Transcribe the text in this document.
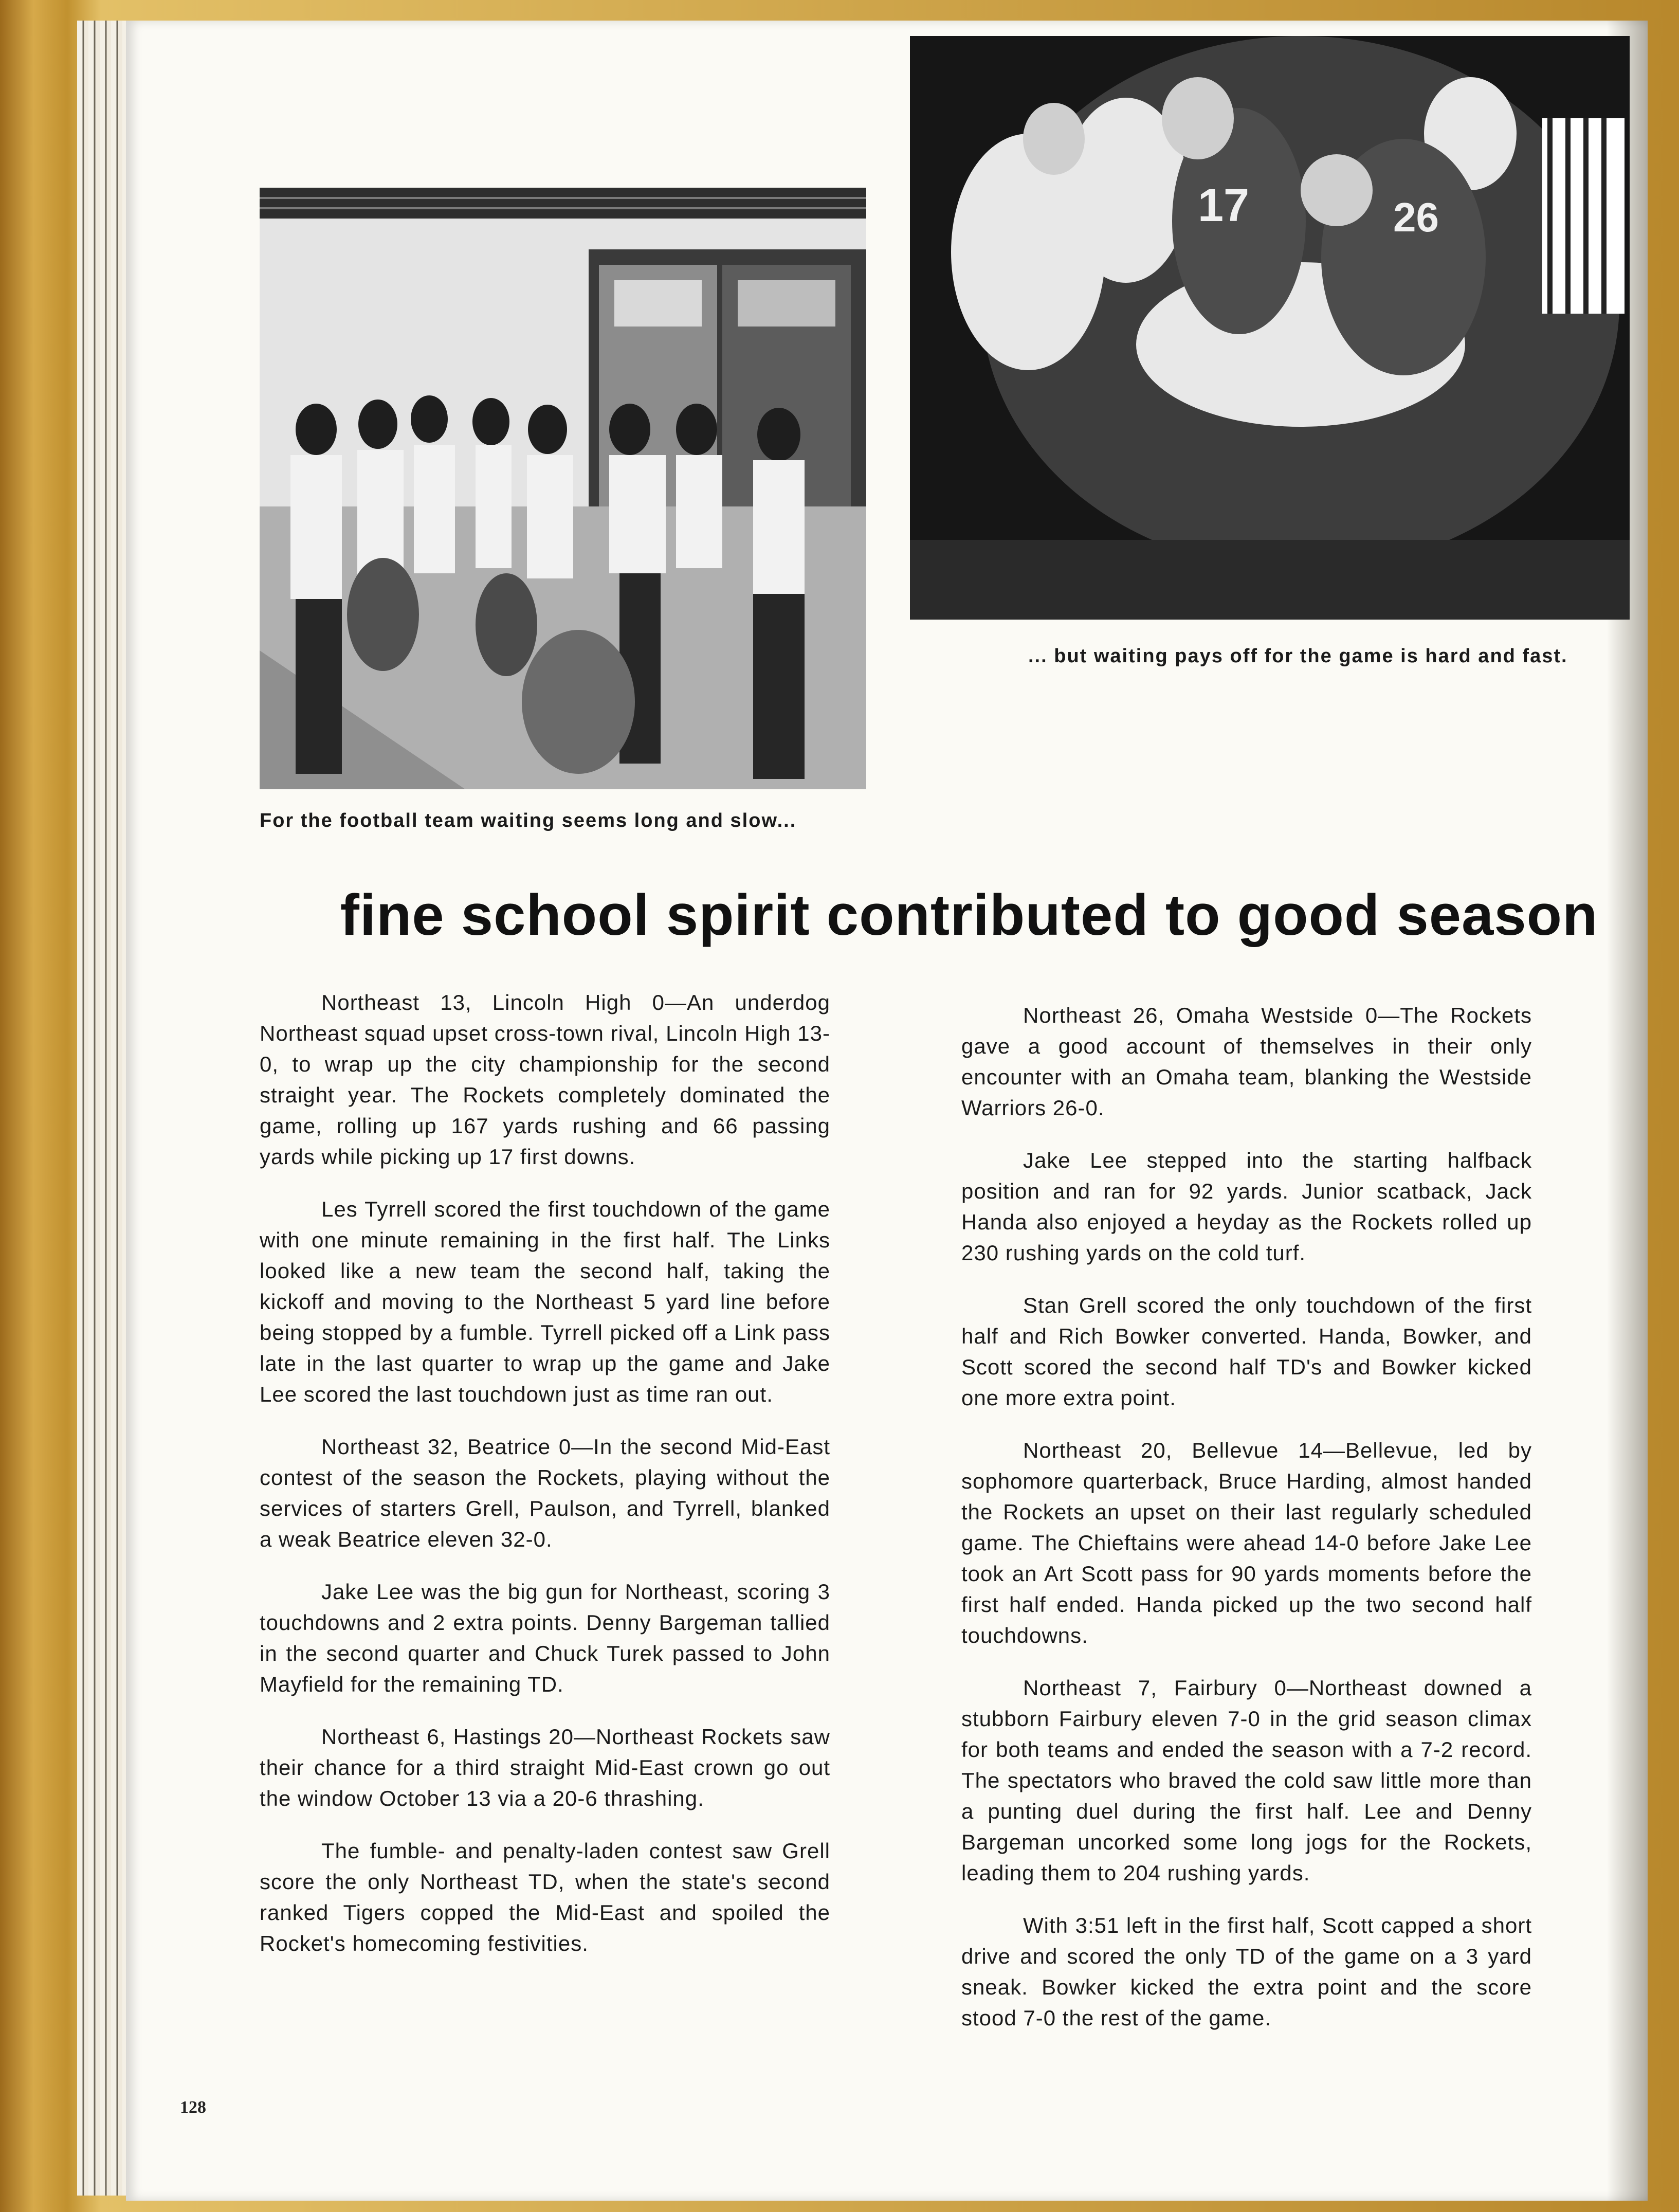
For the football team waiting seems long and slow...
17	26
... but waiting pays off for the game is hard and fast.
fine school spirit contributed to good season

Northeast 13, Lincoln High 0—An underdog Northeast squad upset cross-town rival, Lincoln High 13-0, to wrap up the city championship for the second straight year. The Rockets completely dominated the game, rolling up 167 yards rushing and 66 passing yards while picking up 17 first downs.

Les Tyrrell scored the first touchdown of the game with one minute remaining in the first half. The Links looked like a new team the second half, taking the kickoff and moving to the Northeast 5 yard line before being stopped by a fumble. Tyrrell picked off a Link pass late in the last quarter to wrap up the game and Jake Lee scored the last touchdown just as time ran out.

Northeast 32, Beatrice 0—In the second Mid-East contest of the season the Rockets, playing without the services of starters Grell, Paulson, and Tyrrell, blanked a weak Beatrice eleven 32-0.

Jake Lee was the big gun for Northeast, scoring 3 touchdowns and 2 extra points. Denny Bargeman tallied in the second quarter and Chuck Turek passed to John Mayfield for the remaining TD.

Northeast 6, Hastings 20—Northeast Rockets saw their chance for a third straight Mid-East crown go out the window October 13 via a 20-6 thrashing.

The fumble- and penalty-laden contest saw Grell score the only Northeast TD, when the state's second ranked Tigers copped the Mid-East and spoiled the Rocket's homecoming festivities.

Northeast 26, Omaha Westside 0—The Rockets gave a good account of themselves in their only encounter with an Omaha team, blanking the Westside Warriors 26-0.

Jake Lee stepped into the starting halfback position and ran for 92 yards. Junior scatback, Jack Handa also enjoyed a heyday as the Rockets rolled up 230 rushing yards on the cold turf.

Stan Grell scored the only touchdown of the first half and Rich Bowker converted. Handa, Bowker, and Scott scored the second half TD's and Bowker kicked one more extra point.

Northeast 20, Bellevue 14—Bellevue, led by sophomore quarterback, Bruce Harding, almost handed the Rockets an upset on their last regularly scheduled game. The Chieftains were ahead 14-0 before Jake Lee took an Art Scott pass for 90 yards moments before the first half ended. Handa picked up the two second half touchdowns.

Northeast 7, Fairbury 0—Northeast downed a stubborn Fairbury eleven 7-0 in the grid season climax for both teams and ended the season with a 7-2 record. The spectators who braved the cold saw little more than a punting duel during the first half. Lee and Denny Bargeman uncorked some long jogs for the Rockets, leading them to 204 rushing yards.

With 3:51 left in the first half, Scott capped a short drive and scored the only TD of the game on a 3 yard sneak. Bowker kicked the extra point and the score stood 7-0 the rest of the game.

128
